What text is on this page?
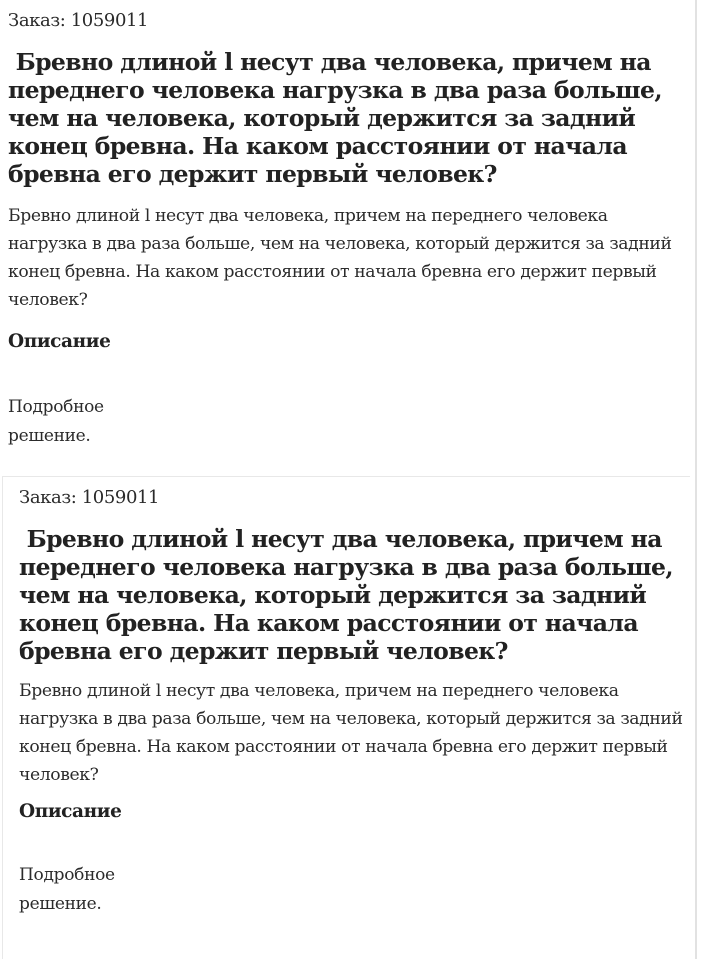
Заказ: 1059011
Бревно длиной l несут два человека, причем на переднего человека нагрузка в два раза больше, чем на человека, который держится за задний конец бревна. На каком расстоянии от начала бревна его держит первый человек?

Бревно длиной l несут два человека, причем на переднего человека нагрузка в два раза больше, чем на человека, который держится за задний конец бревна. На каком расстоянии от начала бревна его держит первый человек?

Описание
Подробное решение.
Заказ: 1059011
Бревно длиной l несут два человека, причем на переднего человека нагрузка в два раза больше, чем на человека, который держится за задний конец бревна. На каком расстоянии от начала бревна его держит первый человек?

Бревно длиной l несут два человека, причем на переднего человека нагрузка в два раза больше, чем на человека, который держится за задний конец бревна. На каком расстоянии от начала бревна его держит первый человек?

Описание
Подробное решение.
